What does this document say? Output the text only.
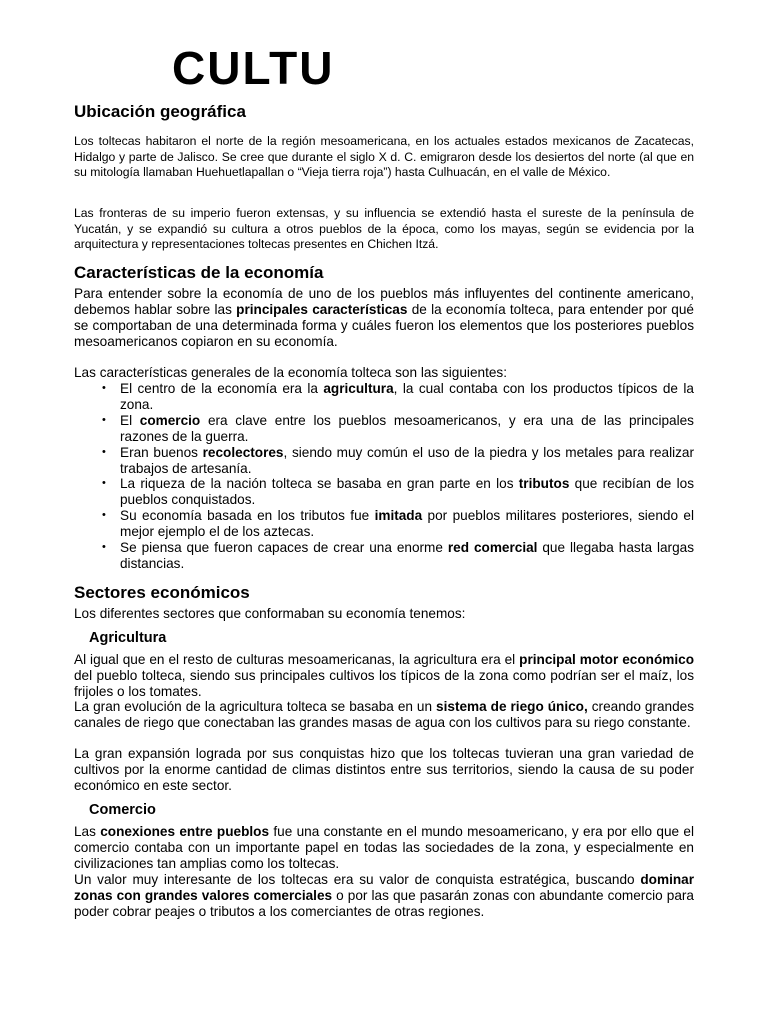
CULTU
Ubicación geográfica

Los toltecas habitaron el norte de la región mesoamericana, en los actuales estados mexicanos de Zacatecas, Hidalgo y parte de Jalisco. Se cree que durante el siglo X d. C. emigraron desde los desiertos del norte (al que en su mitología llamaban Huehuetlapallan o “Vieja tierra roja”) hasta Culhuacán, en el valle de México.

Las fronteras de su imperio fueron extensas, y su influencia se extendió hasta el sureste de la península de Yucatán, y se expandió su cultura a otros pueblos de la época, como los mayas, según se evidencia por la arquitectura y representaciones toltecas presentes en Chichen Itzá.

Características de la economía

Para entender sobre la economía de uno de los pueblos más influyentes del continente americano, debemos hablar sobre las principales características de la economía tolteca, para entender por qué se comportaban de una determinada forma y cuáles fueron los elementos que los posteriores pueblos mesoamericanos copiaron en su economía.

Las características generales de la economía tolteca son las siguientes:

• El centro de la economía era la agricultura, la cual contaba con los productos típicos de la zona.
• El comercio era clave entre los pueblos mesoamericanos, y era una de las principales razones de la guerra.
• Eran buenos recolectores, siendo muy común el uso de la piedra y los metales para realizar trabajos de artesanía.
• La riqueza de la nación tolteca se basaba en gran parte en los tributos que recibían de los pueblos conquistados.
• Su economía basada en los tributos fue imitada por pueblos militares posteriores, siendo el mejor ejemplo el de los aztecas.
• Se piensa que fueron capaces de crear una enorme red comercial que llegaba hasta largas distancias.
Sectores económicos

Los diferentes sectores que conformaban su economía tenemos:

Agricultura

Al igual que en el resto de culturas mesoamericanas, la agricultura era el principal motor económico del pueblo tolteca, siendo sus principales cultivos los típicos de la zona como podrían ser el maíz, los frijoles o los tomates.

La gran evolución de la agricultura tolteca se basaba en un sistema de riego único, creando grandes canales de riego que conectaban las grandes masas de agua con los cultivos para su riego constante.

La gran expansión lograda por sus conquistas hizo que los toltecas tuvieran una gran variedad de cultivos por la enorme cantidad de climas distintos entre sus territorios, siendo la causa de su poder económico en este sector.

Comercio

Las conexiones entre pueblos fue una constante en el mundo mesoamericano, y era por ello que el comercio contaba con un importante papel en todas las sociedades de la zona, y especialmente en civilizaciones tan amplias como los toltecas.

Un valor muy interesante de los toltecas era su valor de conquista estratégica, buscando dominar zonas con grandes valores comerciales o por las que pasarán zonas con abundante comercio para poder cobrar peajes o tributos a los comerciantes de otras regiones.
